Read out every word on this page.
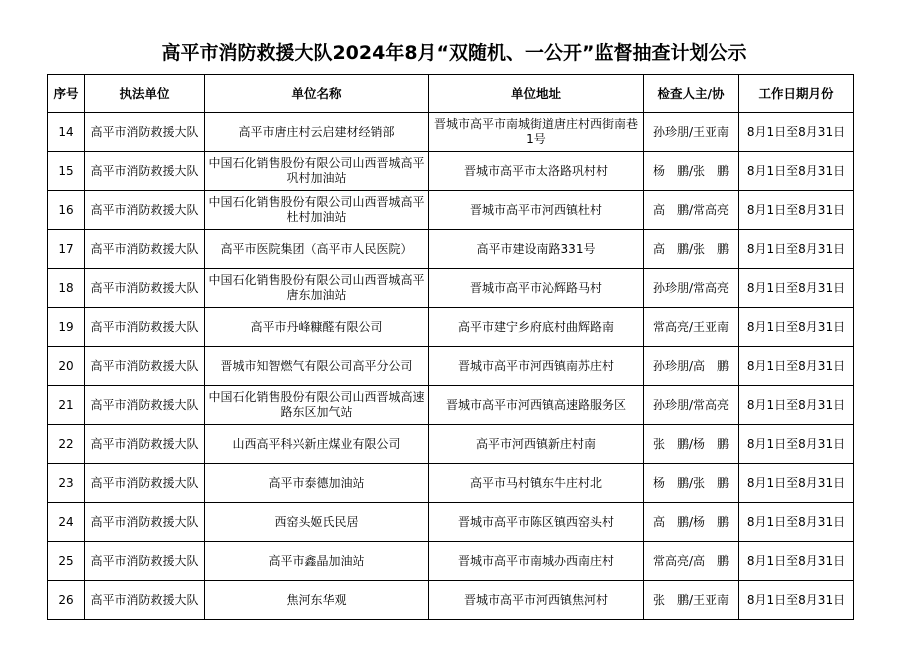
高平市消防救援大队2024年8月“双随机、一公开”监督抽查计划公示
序号	执法单位	单位名称	单位地址	检查人主/协	工作日期月份
14	高平市消防救援大队	高平市唐庄村云启建材经销部	晋城市高平市南城街道唐庄村西街南巷1号	孙珍朋/王亚南	8月1日至8月31日
15	高平市消防救援大队	中国石化销售股份有限公司山西晋城高平巩村加油站	晋城市高平市太洛路巩村村	杨　鹏/张　鹏	8月1日至8月31日
16	高平市消防救援大队	中国石化销售股份有限公司山西晋城高平杜村加油站	晋城市高平市河西镇杜村	高　鹏/常高亮	8月1日至8月31日
17	高平市消防救援大队	高平市医院集团（高平市人民医院）	高平市建设南路331号	高　鹏/张　鹏	8月1日至8月31日
18	高平市消防救援大队	中国石化销售股份有限公司山西晋城高平唐东加油站	晋城市高平市沁辉路马村	孙珍朋/常高亮	8月1日至8月31日
19	高平市消防救援大队	高平市丹峰糠醛有限公司	高平市建宁乡府底村曲辉路南	常高亮/王亚南	8月1日至8月31日
20	高平市消防救援大队	晋城市知智燃气有限公司高平分公司	晋城市高平市河西镇南苏庄村	孙珍朋/高　鹏	8月1日至8月31日
21	高平市消防救援大队	中国石化销售股份有限公司山西晋城高速路东区加气站	晋城市高平市河西镇高速路服务区	孙珍朋/常高亮	8月1日至8月31日
22	高平市消防救援大队	山西高平科兴新庄煤业有限公司	高平市河西镇新庄村南	张　鹏/杨　鹏	8月1日至8月31日
23	高平市消防救援大队	高平市泰德加油站	高平市马村镇东牛庄村北	杨　鹏/张　鹏	8月1日至8月31日
24	高平市消防救援大队	西窑头姬氏民居	晋城市高平市陈区镇西窑头村	高　鹏/杨　鹏	8月1日至8月31日
25	高平市消防救援大队	高平市鑫晶加油站	晋城市高平市南城办西南庄村	常高亮/高　鹏	8月1日至8月31日
26	高平市消防救援大队	焦河东华观	晋城市高平市河西镇焦河村	张　鹏/王亚南	8月1日至8月31日
